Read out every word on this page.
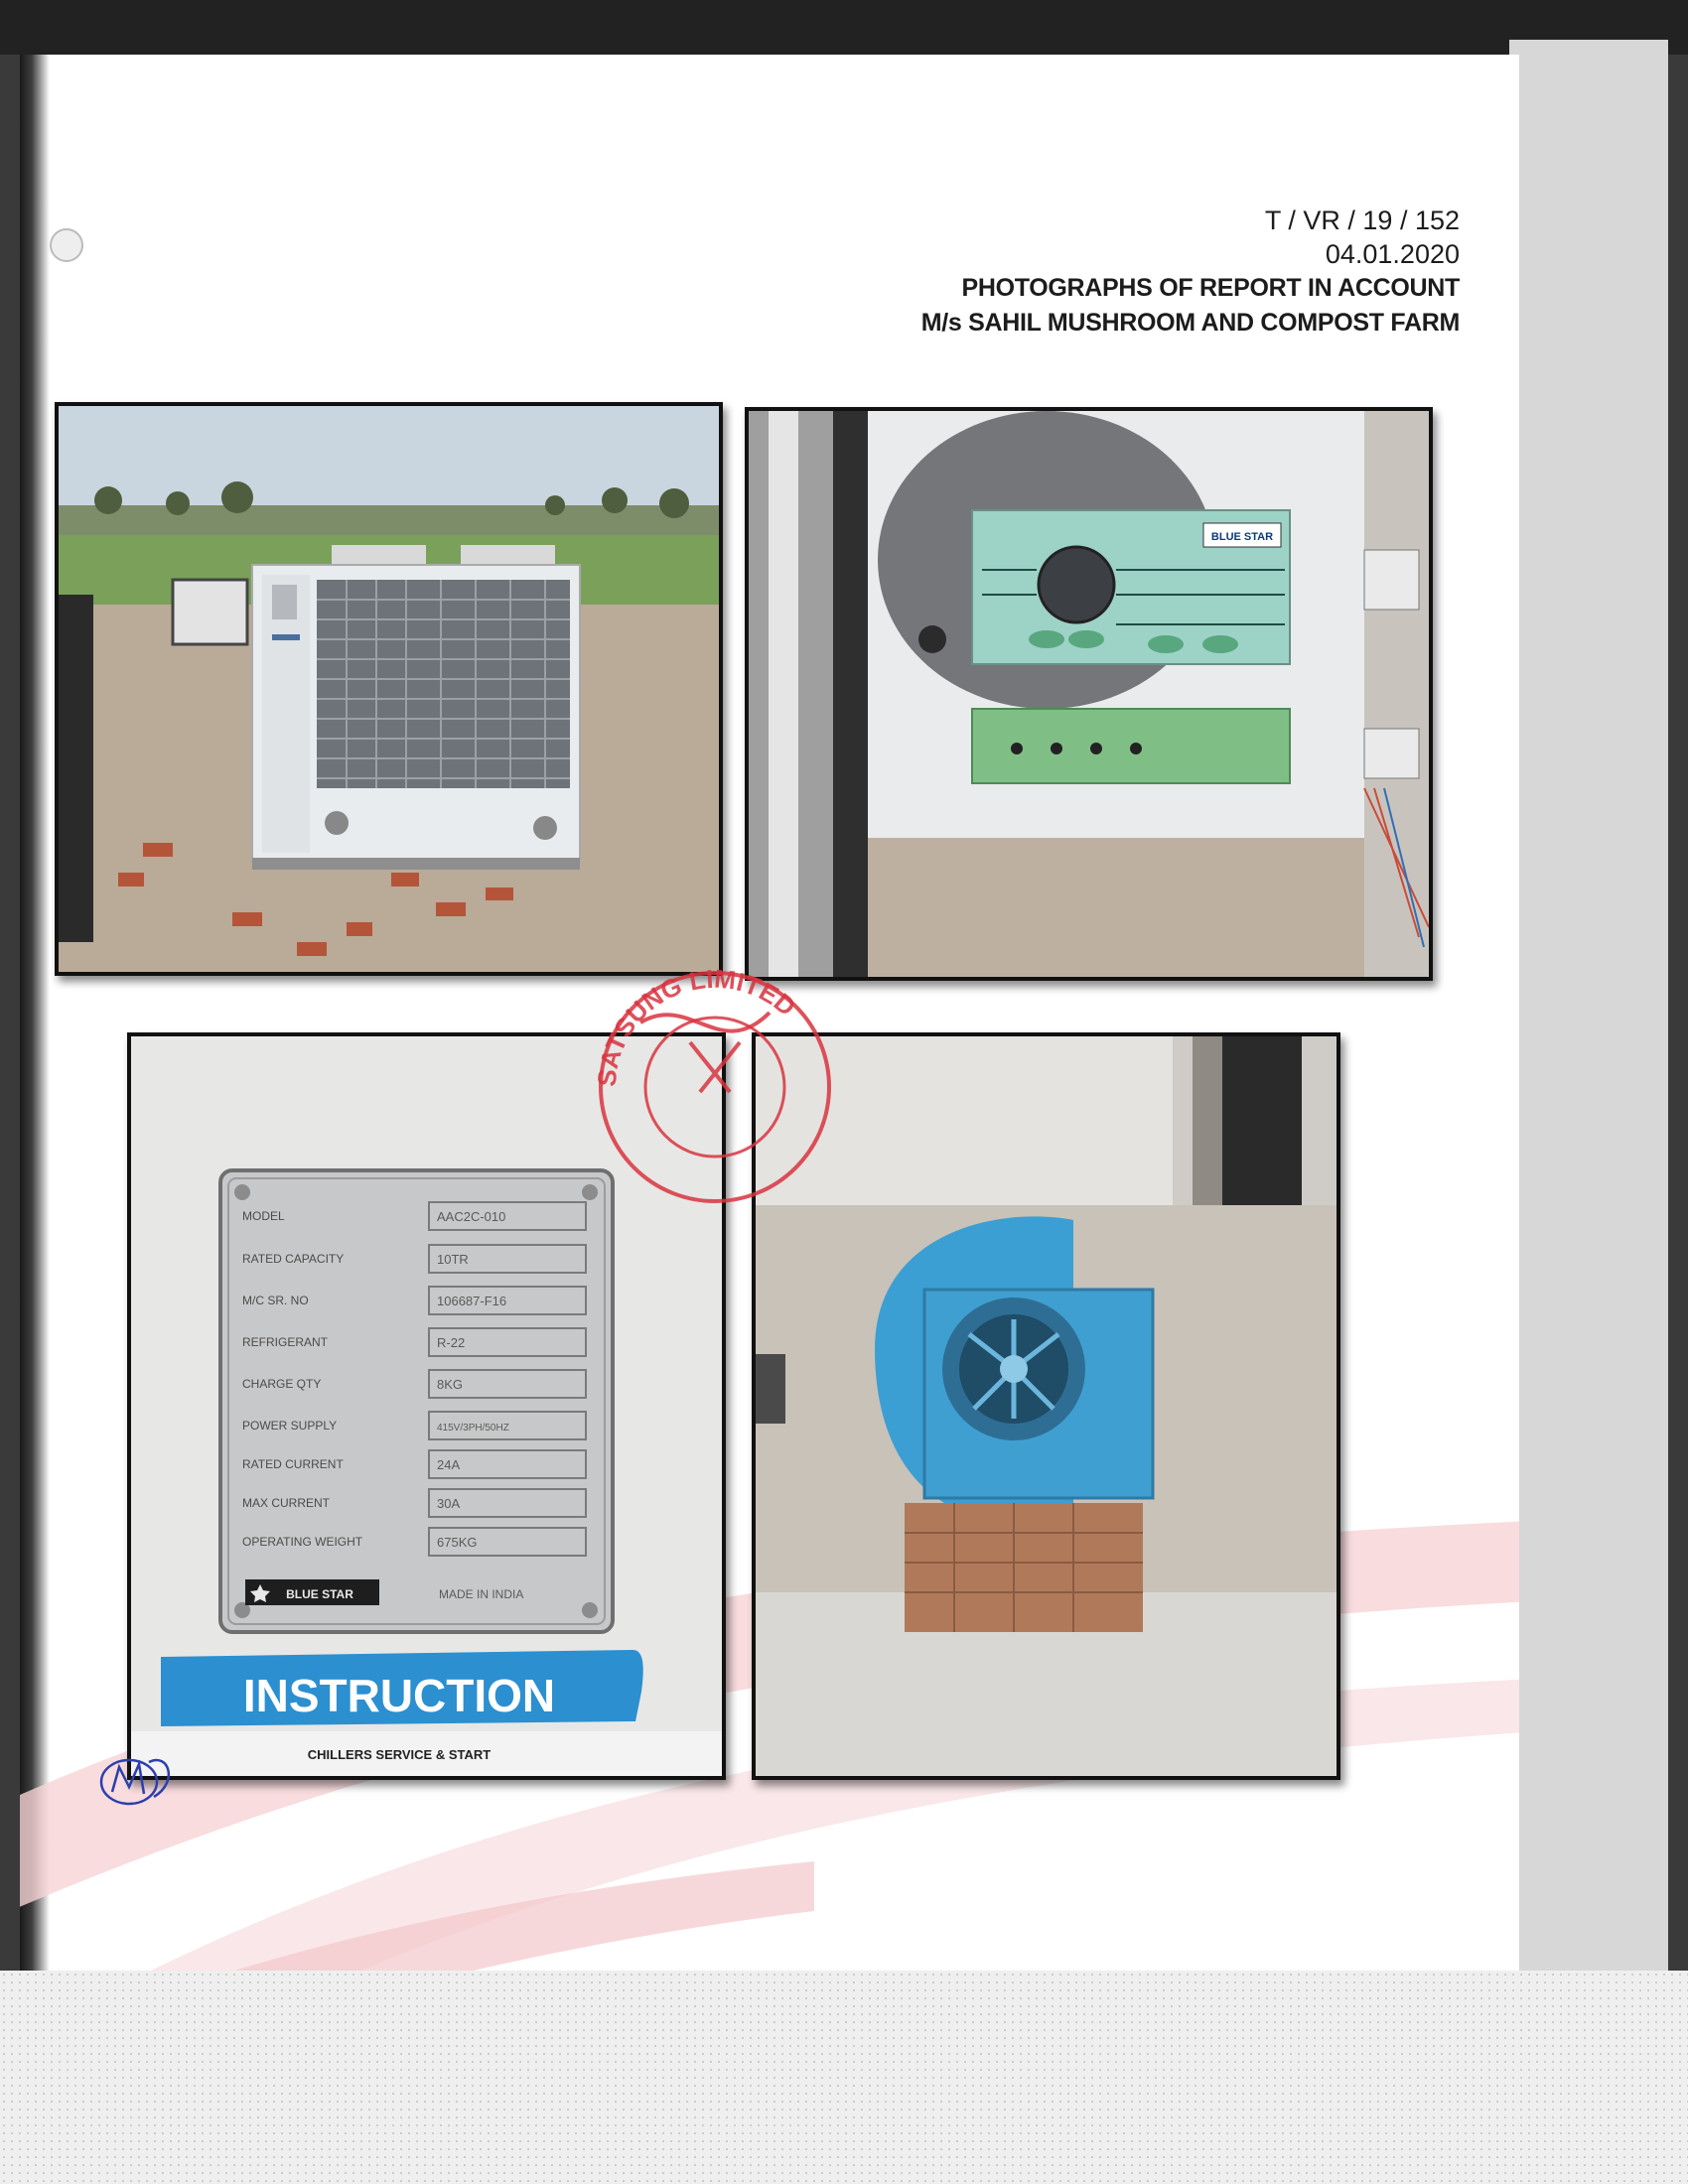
T / VR / 19 / 152
04.01.2020
PHOTOGRAPHS OF REPORT IN ACCOUNT
M/s SAHIL MUSHROOM AND COMPOST FARM
BLUE STAR
MODEL
RATED CAPACITY
M/C SR. NO
REFRIGERANT
CHARGE QTY
POWER SUPPLY
RATED CURRENT
MAX CURRENT
OPERATING WEIGHT
AAC2C-010
10TR
106687-F16
R-22
8KG
415V/3PH/50HZ
24A
30A
675KG
BLUE STAR	MADE IN INDIA
INSTRUCTION
CHILLERS SERVICE & START
SATSUNG LIMITED
